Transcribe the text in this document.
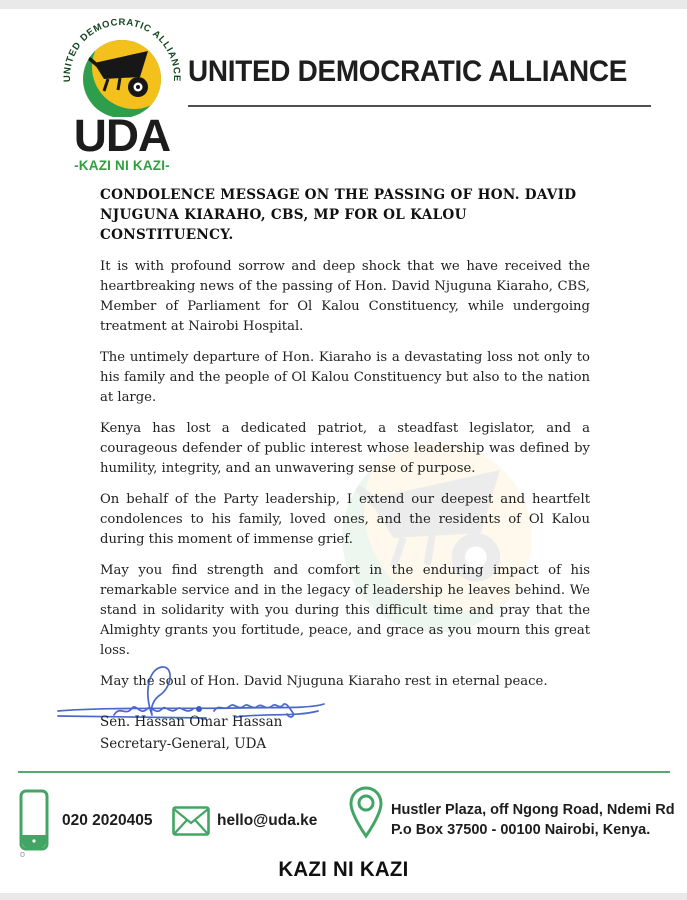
UNITED DEMOCRATIC ALLIANCE
UDA
-KAZI NI KAZI-
UNITED DEMOCRATIC ALLIANCE
CONDOLENCE MESSAGE ON THE PASSING OF HON. DAVID NJUGUNA KIARAHO, CBS, MP FOR OL KALOU CONSTITUENCY.

It is with profound sorrow and deep shock that we have received the heartbreaking news of the passing of Hon. David Njuguna Kiaraho, CBS, Member of Parliament for Ol Kalou Constituency, while undergoing treatment at Nairobi Hospital.

The untimely departure of Hon. Kiaraho is a devastating loss not only to his family and the people of Ol Kalou Constituency but also to the nation at large.

Kenya has lost a dedicated patriot, a steadfast legislator, and a courageous defender of public interest whose leadership was defined by humility, integrity, and an unwavering sense of purpose.

On behalf of the Party leadership, I extend our deepest and heartfelt condolences to his family, loved ones, and the residents of Ol Kalou during this moment of immense grief.

May you find strength and comfort in the enduring impact of his remarkable service and in the legacy of leadership he leaves behind. We stand in solidarity with you during this difficult time and pray that the Almighty grants you fortitude, peace, and grace as you mourn this great loss.

May the soul of Hon. David Njuguna Kiaraho rest in eternal peace.

Sen. Hassan Omar Hassan
Secretary-General, UDA
020 2020405	hello@uda.ke
Hustler Plaza, off Ngong Road, Ndemi Rd
P.o Box 37500 - 00100 Nairobi, Kenya.
o
KAZI NI KAZI
